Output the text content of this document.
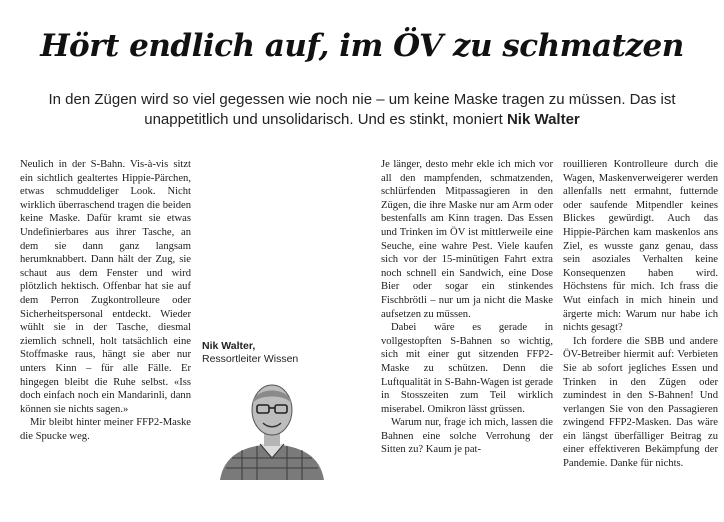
Hört endlich auf, im ÖV zu schmatzen
In den Zügen wird so viel gegessen wie noch nie – um keine Maske tragen zu müssen. Das ist unappetitlich und unsolidarisch. Und es stinkt, moniert Nik Walter

Neulich in der S-Bahn. Vis-à-vis sitzt ein sichtlich gealtertes Hippie-Pärchen, etwas schmuddeliger Look. Nicht wirklich überraschend tragen die beiden keine Maske. Dafür kramt sie etwas Undefinierbares aus ihrer Tasche, an dem sie dann ganz langsam herumknabbert. Dann hält der Zug, sie schaut aus dem Fenster und wird plötzlich hektisch. Offenbar hat sie auf dem Perron Zugkontrolleure oder Sicherheitspersonal entdeckt. Wieder wühlt sie in der Tasche, diesmal ziemlich schnell, holt tatsächlich eine Stoffmaske raus, hängt sie aber nur unters Kinn – für alle Fälle. Er hingegen bleibt die Ruhe selbst. «Iss doch einfach noch ein Mandarinli, dann können sie nichts sagen.»

Mir bleibt hinter meiner FFP2-Maske die Spucke weg.

Nik Walter,
Ressortleiter Wissen

Je länger, desto mehr ekle ich mich vor all den mampfenden, schmatzenden, schlürfenden Mitpassagieren in den Zügen, die ihre Maske nur am Arm oder bestenfalls am Kinn tragen. Das Essen und Trinken im ÖV ist mittlerweile eine Seuche, eine wahre Pest. Viele kaufen sich vor der 15-minütigen Fahrt extra noch schnell ein Sandwich, eine Dose Bier oder sogar ein stinkendes Fischbrötli – nur um ja nicht die Maske aufsetzen zu müssen.

Dabei wäre es gerade in vollgestopften S-Bahnen so wichtig, sich mit einer gut sitzenden FFP2-Maske zu schützen. Denn die Luftqualität in S-Bahn-Wagen ist gerade in Stosszeiten zum Teil wirklich miserabel. Omikron lässt grüssen.

Warum nur, frage ich mich, lassen die Bahnen eine solche Verrohung der Sitten zu? Kaum je pat-

rouillieren Kontrolleure durch die Wagen, Maskenverweigerer werden allenfalls nett ermahnt, futternde oder saufende Mitpendler keines Blickes gewürdigt. Auch das Hippie-Pärchen kam maskenlos ans Ziel, es wusste ganz genau, dass sein asoziales Verhalten keine Konsequenzen haben wird. Höchstens für mich. Ich frass die Wut einfach in mich hinein und ärgerte mich: Warum nur habe ich nichts gesagt?

Ich fordere die SBB und andere ÖV-Betreiber hiermit auf: Verbieten Sie ab sofort jegliches Essen und Trinken in den Zügen oder zumindest in den S-Bahnen! Und verlangen Sie von den Passagieren zwingend FFP2-Masken. Das wäre ein längst überfälliger Beitrag zu einer effektiveren Bekämpfung der Pandemie. Danke für nichts.
